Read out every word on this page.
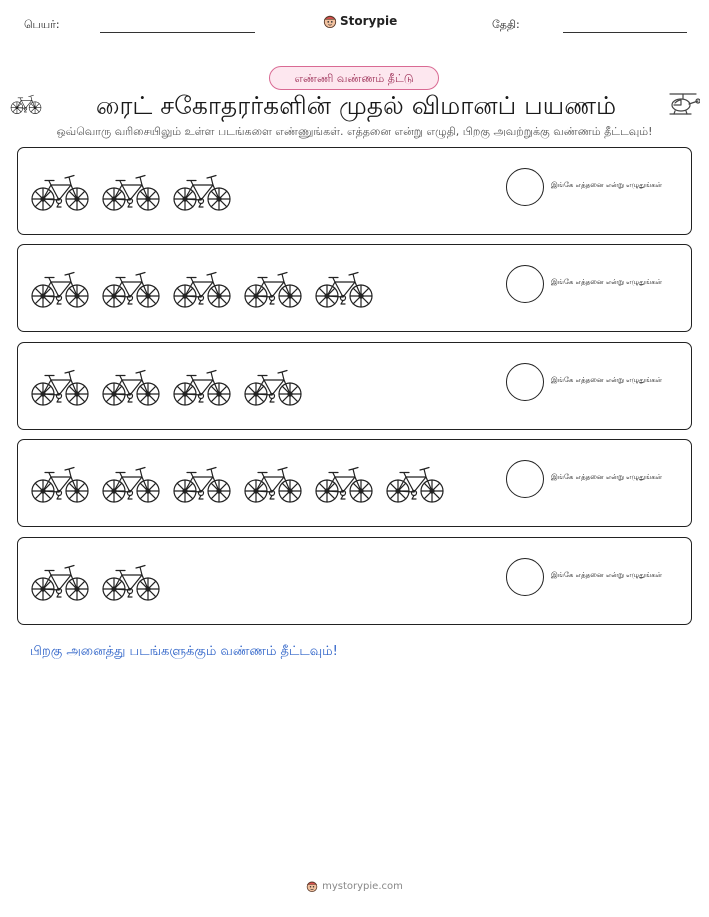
பெயர்:	Storypie	தேதி:
எண்ணி வண்ணம் தீட்டு
ரைட் சகோதரர்களின் முதல் விமானப் பயணம்
ஒவ்வொரு வரிசையிலும் உள்ள படங்களை எண்ணுங்கள். எத்தனை என்று எழுதி, பிறகு அவற்றுக்கு வண்ணம் தீட்டவும்!
இங்கே எத்தனை என்று எழுதுங்கள்
இங்கே எத்தனை என்று எழுதுங்கள்
இங்கே எத்தனை என்று எழுதுங்கள்
இங்கே எத்தனை என்று எழுதுங்கள்
இங்கே எத்தனை என்று எழுதுங்கள்
பிறகு அனைத்து படங்களுக்கும் வண்ணம் தீட்டவும்!
mystorypie.com
